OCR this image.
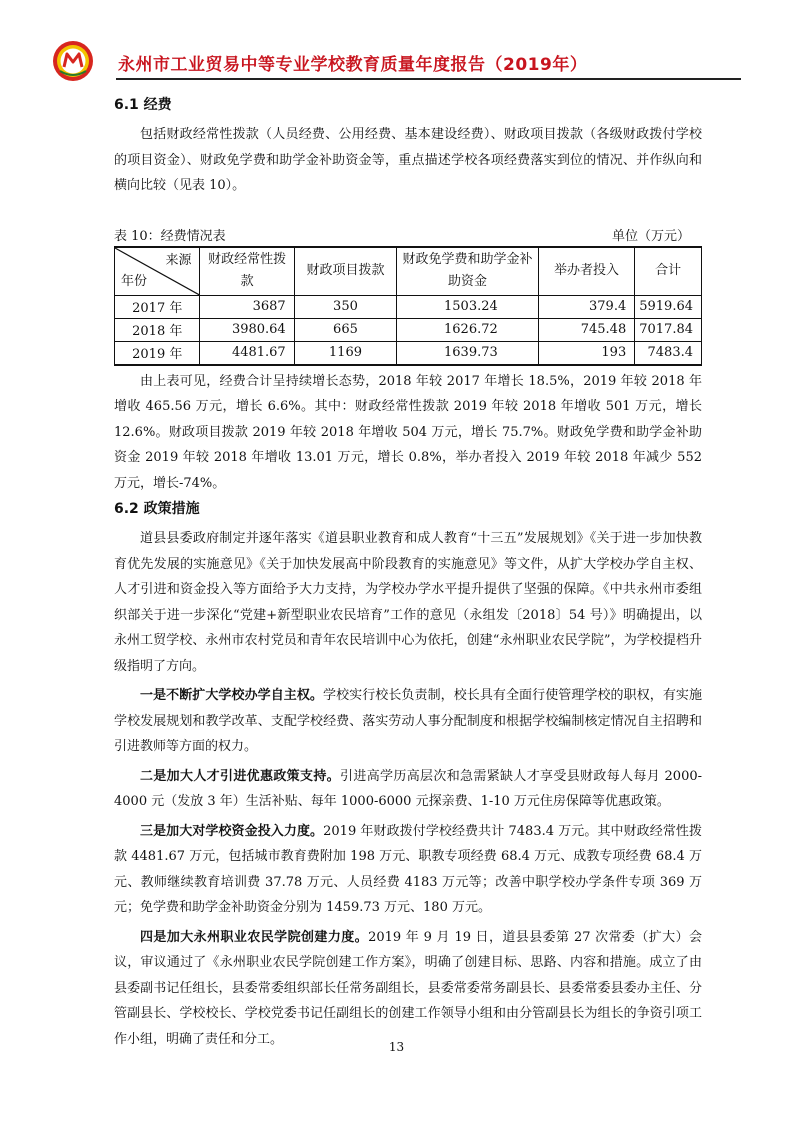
永州市工业贸易中等专业学校教育质量年度报告（2019年）
6.1 经费

包括财政经常性拨款（人员经费、公用经费、基本建设经费）、财政项目拨款（各级财政拨付学校的项目资金）、财政免学费和助学金补助资金等，重点描述学校各项经费落实到位的情况、并作纵向和横向比较（见表 10）。

表 10：经费情况表	单位（万元）
来源
年份	财政经常性拨款	财政项目拨款	财政免学费和助学金补助资金	举办者投入	合计
2017 年	3687	350	1503.24	379.4	5919.64
2018 年	3980.64	665	1626.72	745.48	7017.84
2019 年	4481.67	1169	1639.73	193	7483.4

由上表可见，经费合计呈持续增长态势，2018 年较 2017 年增长 18.5%，2019 年较 2018 年增收 465.56 万元，增长 6.6%。其中：财政经常性拨款 2019 年较 2018 年增收 501 万元，增长 12.6%。财政项目拨款 2019 年较 2018 年增收 504 万元，增长 75.7%。财政免学费和助学金补助资金 2019 年较 2018 年增收 13.01 万元，增长 0.8%，举办者投入 2019 年较 2018 年减少 552 万元，增长-74%。

6.2 政策措施

道县县委政府制定并逐年落实《道县职业教育和成人教育“十三五”发展规划》《关于进一步加快教育优先发展的实施意见》《关于加快发展高中阶段教育的实施意见》等文件，从扩大学校办学自主权、人才引进和资金投入等方面给予大力支持，为学校办学水平提升提供了坚强的保障。《中共永州市委组织部关于进一步深化“党建+新型职业农民培育”工作的意见（永组发〔2018〕54 号）》明确提出，以永州工贸学校、永州市农村党员和青年农民培训中心为依托，创建“永州职业农民学院”，为学校提档升级指明了方向。

一是不断扩大学校办学自主权。学校实行校长负责制，校长具有全面行使管理学校的职权，有实施学校发展规划和教学改革、支配学校经费、落实劳动人事分配制度和根据学校编制核定情况自主招聘和引进教师等方面的权力。

二是加大人才引进优惠政策支持。引进高学历高层次和急需紧缺人才享受县财政每人每月 2000-4000 元（发放 3 年）生活补贴、每年 1000-6000 元探亲费、1-10 万元住房保障等优惠政策。

三是加大对学校资金投入力度。2019 年财政拨付学校经费共计 7483.4 万元。其中财政经常性拨款 4481.67 万元，包括城市教育费附加 198 万元、职教专项经费 68.4 万元、成教专项经费 68.4 万元、教师继续教育培训费 37.78 万元、人员经费 4183 万元等；改善中职学校办学条件专项 369 万元；免学费和助学金补助资金分别为 1459.73 万元、180 万元。

四是加大永州职业农民学院创建力度。2019 年 9 月 19 日，道县县委第 27 次常委（扩大）会议，审议通过了《永州职业农民学院创建工作方案》，明确了创建目标、思路、内容和措施。成立了由县委副书记任组长，县委常委组织部长任常务副组长，县委常委常务副县长、县委常委县委办主任、分管副县长、学校校长、学校党委书记任副组长的创建工作领导小组和由分管副县长为组长的争资引项工作小组，明确了责任和分工。

13
